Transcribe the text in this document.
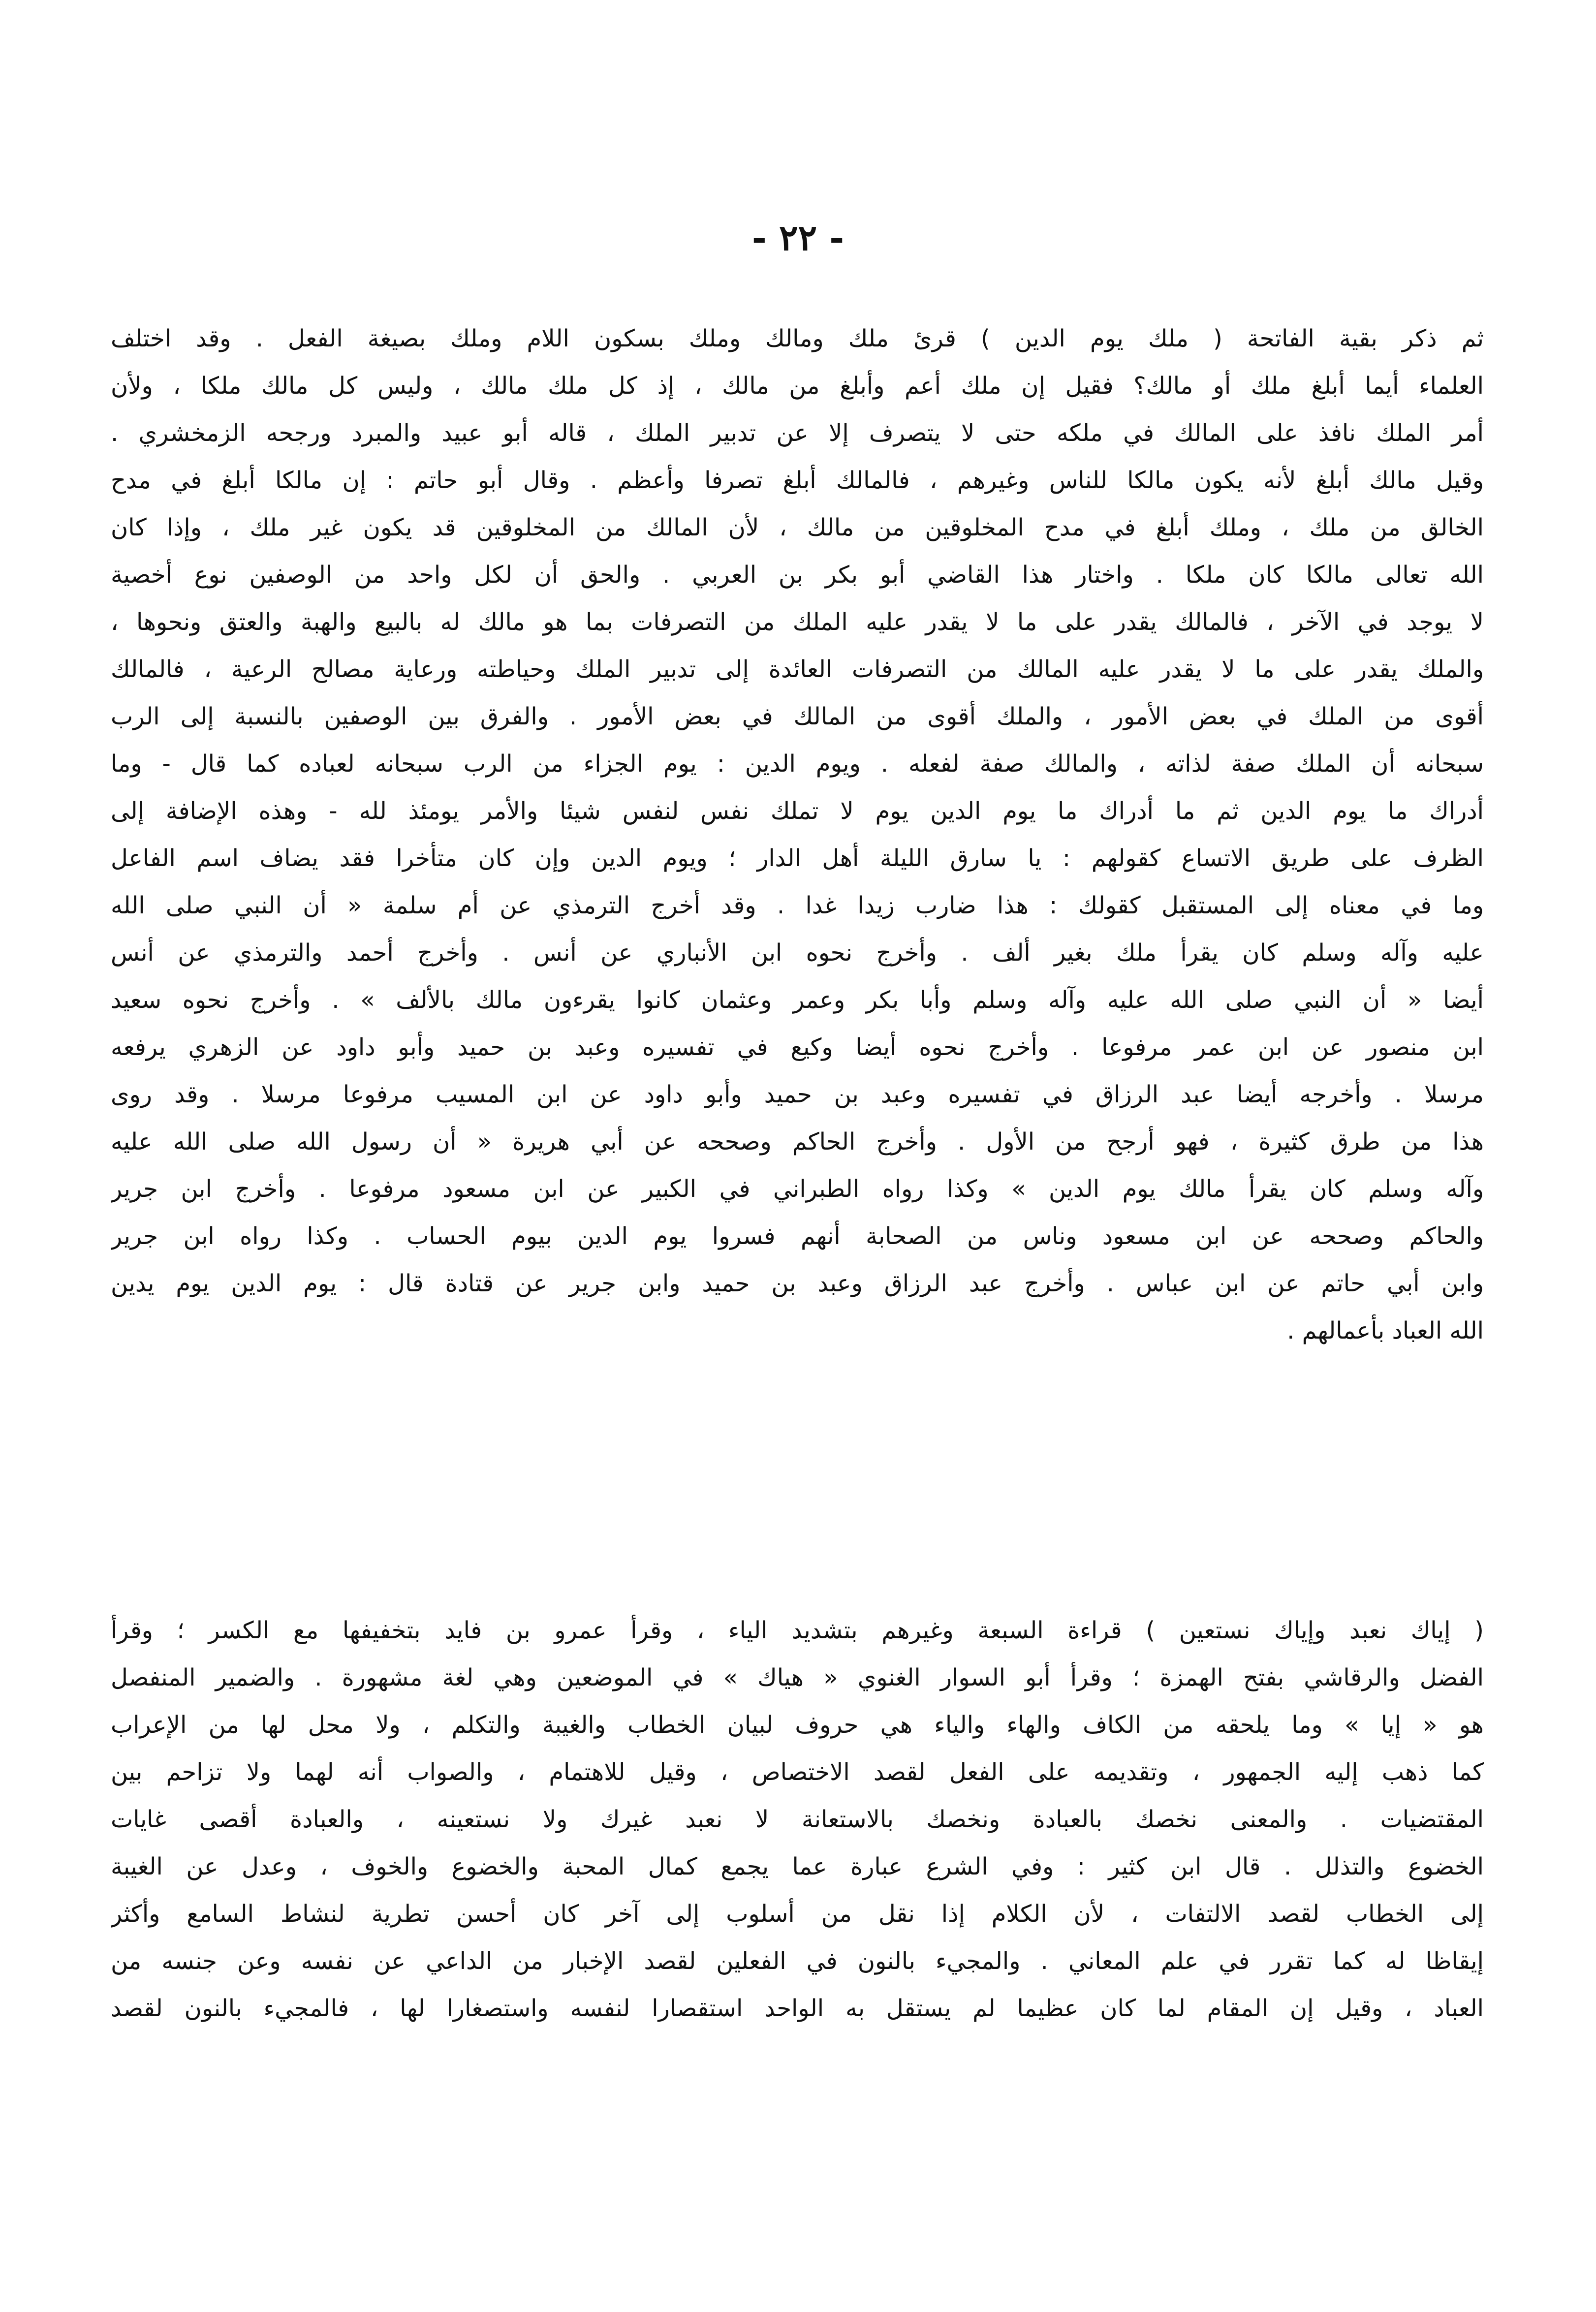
- ٢٢ -
ثم ذكر بقية الفاتحة ( ملك يوم الدين ) قرئ ملك ومالك وملك بسكون اللام وملك بصيغة الفعل . وقد اختلف
العلماء أيما أبلغ ملك أو مالك؟ فقيل إن ملك أعم وأبلغ من مالك ، إذ كل ملك مالك ، وليس كل مالك ملكا ، ولأن
أمر الملك نافذ على المالك في ملكه حتى لا يتصرف إلا عن تدبير الملك ، قاله أبو عبيد والمبرد ورجحه الزمخشري .
وقيل مالك أبلغ لأنه يكون مالكا للناس وغيرهم ، فالمالك أبلغ تصرفا وأعظم . وقال أبو حاتم : إن مالكا أبلغ في مدح
الخالق من ملك ، وملك أبلغ في مدح المخلوقين من مالك ، لأن المالك من المخلوقين قد يكون غير ملك ، وإذا كان
الله تعالى مالكا كان ملكا . واختار هذا القاضي أبو بكر بن العربي . والحق أن لكل واحد من الوصفين نوع أخصية
لا يوجد في الآخر ، فالمالك يقدر على ما لا يقدر عليه الملك من التصرفات بما هو مالك له بالبيع والهبة والعتق ونحوها ،
والملك يقدر على ما لا يقدر عليه المالك من التصرفات العائدة إلى تدبير الملك وحياطته ورعاية مصالح الرعية ، فالمالك
أقوى من الملك في بعض الأمور ، والملك أقوى من المالك في بعض الأمور . والفرق بين الوصفين بالنسبة إلى الرب
سبحانه أن الملك صفة لذاته ، والمالك صفة لفعله . ويوم الدين : يوم الجزاء من الرب سبحانه لعباده كما قال - وما
أدراك ما يوم الدين ثم ما أدراك ما يوم الدين يوم لا تملك نفس لنفس شيئا والأمر يومئذ لله - وهذه الإضافة إلى
الظرف على طريق الاتساع كقولهم : يا سارق الليلة أهل الدار ؛ ويوم الدين وإن كان متأخرا فقد يضاف اسم الفاعل
وما في معناه إلى المستقبل كقولك : هذا ضارب زيدا غدا . وقد أخرج الترمذي عن أم سلمة « أن النبي صلى الله
عليه وآله وسلم كان يقرأ ملك بغير ألف . وأخرج نحوه ابن الأنباري عن أنس . وأخرج أحمد والترمذي عن أنس
أيضا « أن النبي صلى الله عليه وآله وسلم وأبا بكر وعمر وعثمان كانوا يقرءون مالك بالألف » . وأخرج نحوه سعيد
ابن منصور عن ابن عمر مرفوعا . وأخرج نحوه أيضا وكيع في تفسيره وعبد بن حميد وأبو داود عن الزهري يرفعه
مرسلا . وأخرجه أيضا عبد الرزاق في تفسيره وعبد بن حميد وأبو داود عن ابن المسيب مرفوعا مرسلا . وقد روى
هذا من طرق كثيرة ، فهو أرجح من الأول . وأخرج الحاكم وصححه عن أبي هريرة « أن رسول الله صلى الله عليه
وآله وسلم كان يقرأ مالك يوم الدين » وكذا رواه الطبراني في الكبير عن ابن مسعود مرفوعا . وأخرج ابن جرير
والحاكم وصححه عن ابن مسعود وناس من الصحابة أنهم فسروا يوم الدين بيوم الحساب . وكذا رواه ابن جرير
وابن أبي حاتم عن ابن عباس . وأخرج عبد الرزاق وعبد بن حميد وابن جرير عن قتادة قال : يوم الدين يوم يدين
الله العباد بأعمالهم .
( إياك نعبد وإياك نستعين ) قراءة السبعة وغيرهم بتشديد الياء ، وقرأ عمرو بن فايد بتخفيفها مع الكسر ؛ وقرأ
الفضل والرقاشي بفتح الهمزة ؛ وقرأ أبو السوار الغنوي « هياك » في الموضعين وهي لغة مشهورة . والضمير المنفصل
هو « إيا » وما يلحقه من الكاف والهاء والياء هي حروف لبيان الخطاب والغيبة والتكلم ، ولا محل لها من الإعراب
كما ذهب إليه الجمهور ، وتقديمه على الفعل لقصد الاختصاص ، وقيل للاهتمام ، والصواب أنه لهما ولا تزاحم بين
المقتضيات . والمعنى نخصك بالعبادة ونخصك بالاستعانة لا نعبد غيرك ولا نستعينه ، والعبادة أقصى غايات
الخضوع والتذلل . قال ابن كثير : وفي الشرع عبارة عما يجمع كمال المحبة والخضوع والخوف ، وعدل عن الغيبة
إلى الخطاب لقصد الالتفات ، لأن الكلام إذا نقل من أسلوب إلى آخر كان أحسن تطرية لنشاط السامع وأكثر
إيقاظا له كما تقرر في علم المعاني . والمجيء بالنون في الفعلين لقصد الإخبار من الداعي عن نفسه وعن جنسه من
العباد ، وقيل إن المقام لما كان عظيما لم يستقل به الواحد استقصارا لنفسه واستصغارا لها ، فالمجيء بالنون لقصد
